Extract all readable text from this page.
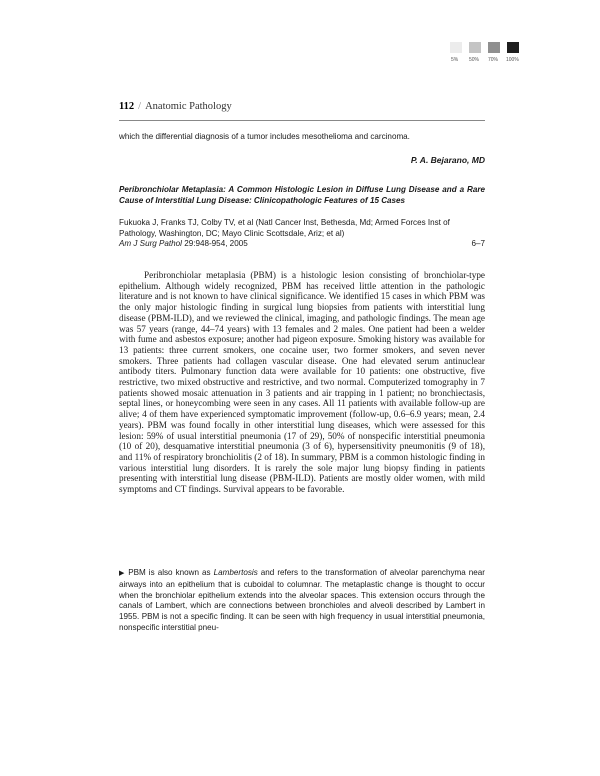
5% 50% 70% 100%
112 / Anatomic Pathology
which the differential diagnosis of a tumor includes mesothelioma and carcinoma.
P. A. Bejarano, MD
Peribronchiolar Metaplasia: A Common Histologic Lesion in Diffuse Lung Disease and a Rare Cause of Interstitial Lung Disease: Clinicopathologic Features of 15 Cases
Fukuoka J, Franks TJ, Colby TV, et al (Natl Cancer Inst, Bethesda, Md; Armed Forces Inst of Pathology, Washington, DC; Mayo Clinic Scottsdale, Ariz; et al)
Am J Surg Pathol 29:948-954, 2005	6–7
Peribronchiolar metaplasia (PBM) is a histologic lesion consisting of bronchiolar-type epithelium. Although widely recognized, PBM has received little attention in the pathologic literature and is not known to have clinical significance. We identified 15 cases in which PBM was the only major histologic finding in surgical lung biopsies from patients with interstitial lung disease (PBM-ILD), and we reviewed the clinical, imaging, and pathologic findings. The mean age was 57 years (range, 44–74 years) with 13 females and 2 males. One patient had been a welder with fume and asbestos exposure; another had pigeon exposure. Smoking history was available for 13 patients: three current smokers, one cocaine user, two former smokers, and seven never smokers. Three patients had collagen vascular disease. One had elevated serum antinuclear antibody titers. Pulmonary function data were available for 10 patients: one obstructive, five restrictive, two mixed obstructive and restrictive, and two normal. Computerized tomography in 7 patients showed mosaic attenuation in 3 patients and air trapping in 1 patient; no bronchiectasis, septal lines, or honeycombing were seen in any cases. All 11 patients with available follow-up are alive; 4 of them have experienced symptomatic improvement (follow-up, 0.6–6.9 years; mean, 2.4 years). PBM was found focally in other interstitial lung diseases, which were assessed for this lesion: 59% of usual interstitial pneumonia (17 of 29), 50% of nonspecific interstitial pneumonia (10 of 20), desquamative interstitial pneumonia (3 of 6), hypersensitivity pneumonitis (9 of 18), and 11% of respiratory bronchiolitis (2 of 18). In summary, PBM is a common histologic finding in various interstitial lung disorders. It is rarely the sole major lung biopsy finding in patients presenting with interstitial lung disease (PBM-ILD). Patients are mostly older women, with mild symptoms and CT findings. Survival appears to be favorable.
▶ PBM is also known as Lambertosis and refers to the transformation of alveolar parenchyma near airways into an epithelium that is cuboidal to columnar. The metaplastic change is thought to occur when the bronchiolar epithelium extends into the alveolar spaces. This extension occurs through the canals of Lambert, which are connections between bronchioles and alveoli described by Lambert in 1955. PBM is not a specific finding. It can be seen with high frequency in usual interstitial pneumonia, nonspecific interstitial pneu-
